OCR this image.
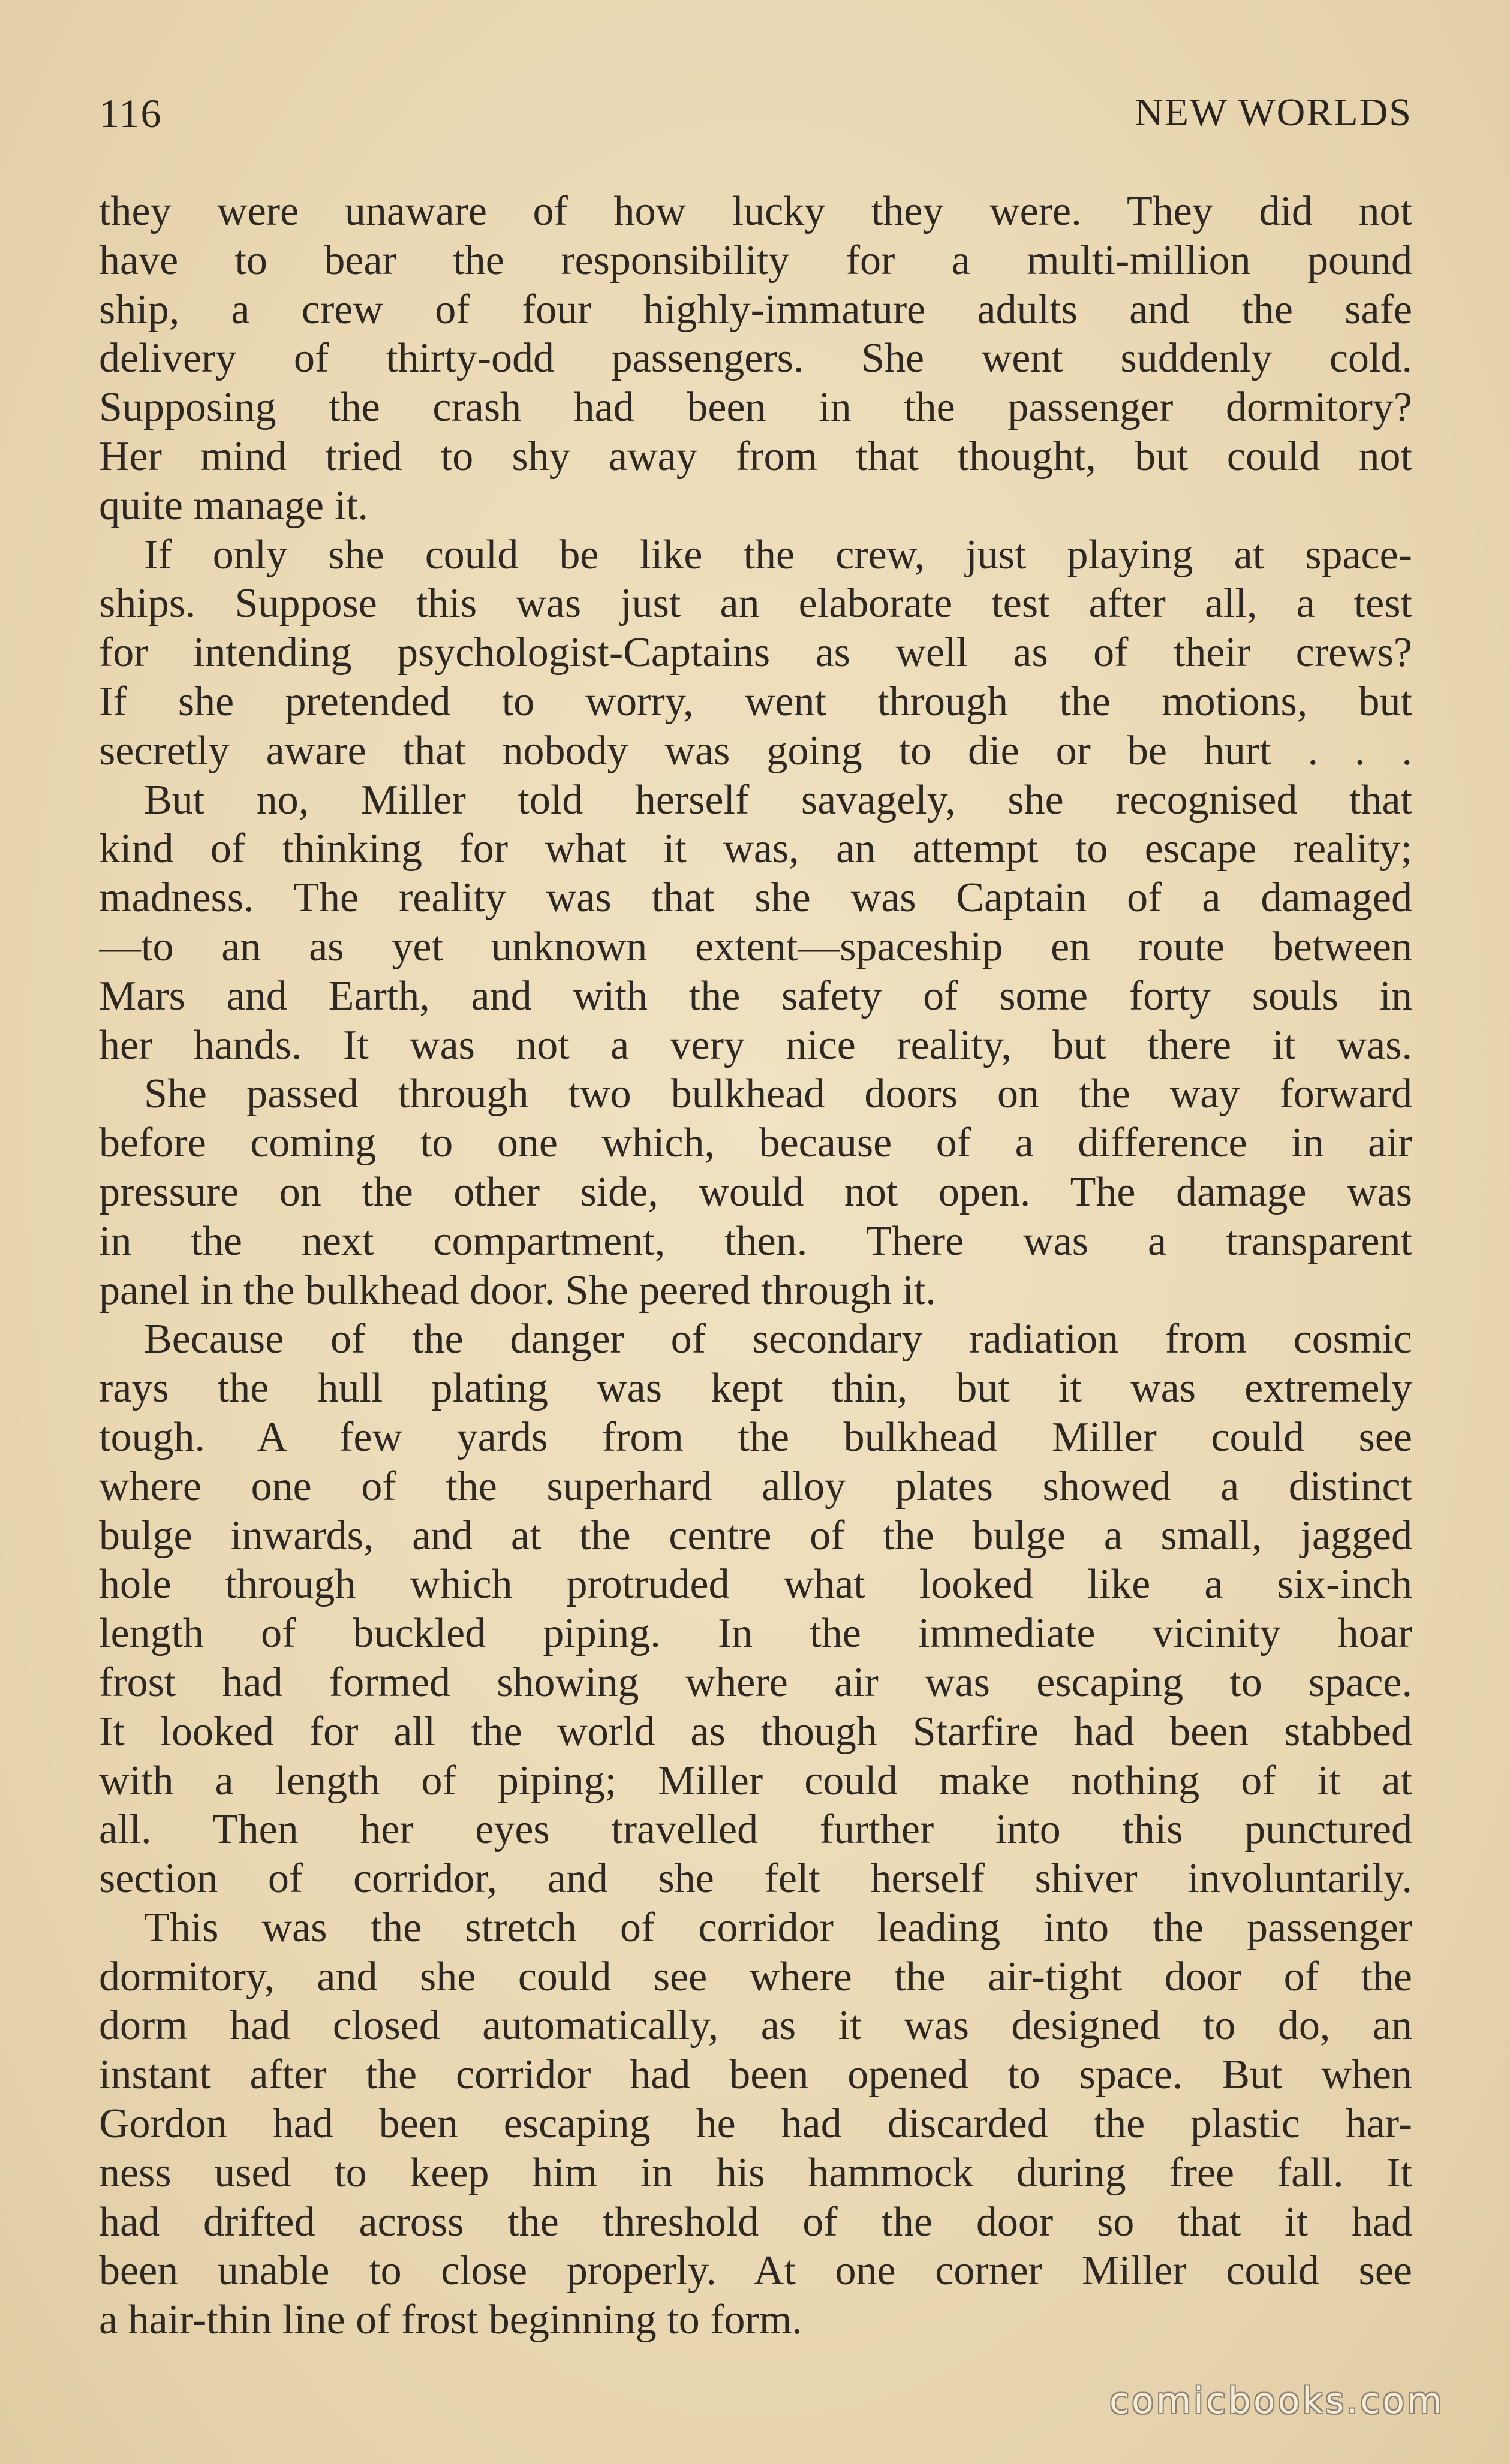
116	NEW WORLDS

they were unaware of how lucky they were. They did not
have to bear the responsibility for a multi-million pound
ship, a crew of four highly-immature adults and the safe
delivery of thirty-odd passengers. She went suddenly cold.
Supposing the crash had been in the passenger dormitory?
Her mind tried to shy away from that thought, but could not
quite manage it.

If only she could be like the crew, just playing at space-
ships. Suppose this was just an elaborate test after all, a test
for intending psychologist-Captains as well as of their crews?
If she pretended to worry, went through the motions, but
secretly aware that nobody was going to die or be hurt . . .

But no, Miller told herself savagely, she recognised that
kind of thinking for what it was, an attempt to escape reality;
madness. The reality was that she was Captain of a damaged
—to an as yet unknown extent—spaceship en route between
Mars and Earth, and with the safety of some forty souls in
her hands. It was not a very nice reality, but there it was.

She passed through two bulkhead doors on the way forward
before coming to one which, because of a difference in air
pressure on the other side, would not open. The damage was
in the next compartment, then. There was a transparent
panel in the bulkhead door. She peered through it.

Because of the danger of secondary radiation from cosmic
rays the hull plating was kept thin, but it was extremely
tough. A few yards from the bulkhead Miller could see
where one of the superhard alloy plates showed a distinct
bulge inwards, and at the centre of the bulge a small, jagged
hole through which protruded what looked like a six-inch
length of buckled piping. In the immediate vicinity hoar
frost had formed showing where air was escaping to space.
It looked for all the world as though Starfire had been stabbed
with a length of piping; Miller could make nothing of it at
all. Then her eyes travelled further into this punctured
section of corridor, and she felt herself shiver involuntarily.

This was the stretch of corridor leading into the passenger
dormitory, and she could see where the air-tight door of the
dorm had closed automatically, as it was designed to do, an
instant after the corridor had been opened to space. But when
Gordon had been escaping he had discarded the plastic har-
ness used to keep him in his hammock during free fall. It
had drifted across the threshold of the door so that it had
been unable to close properly. At one corner Miller could see
a hair-thin line of frost beginning to form.

comicbooks.com
